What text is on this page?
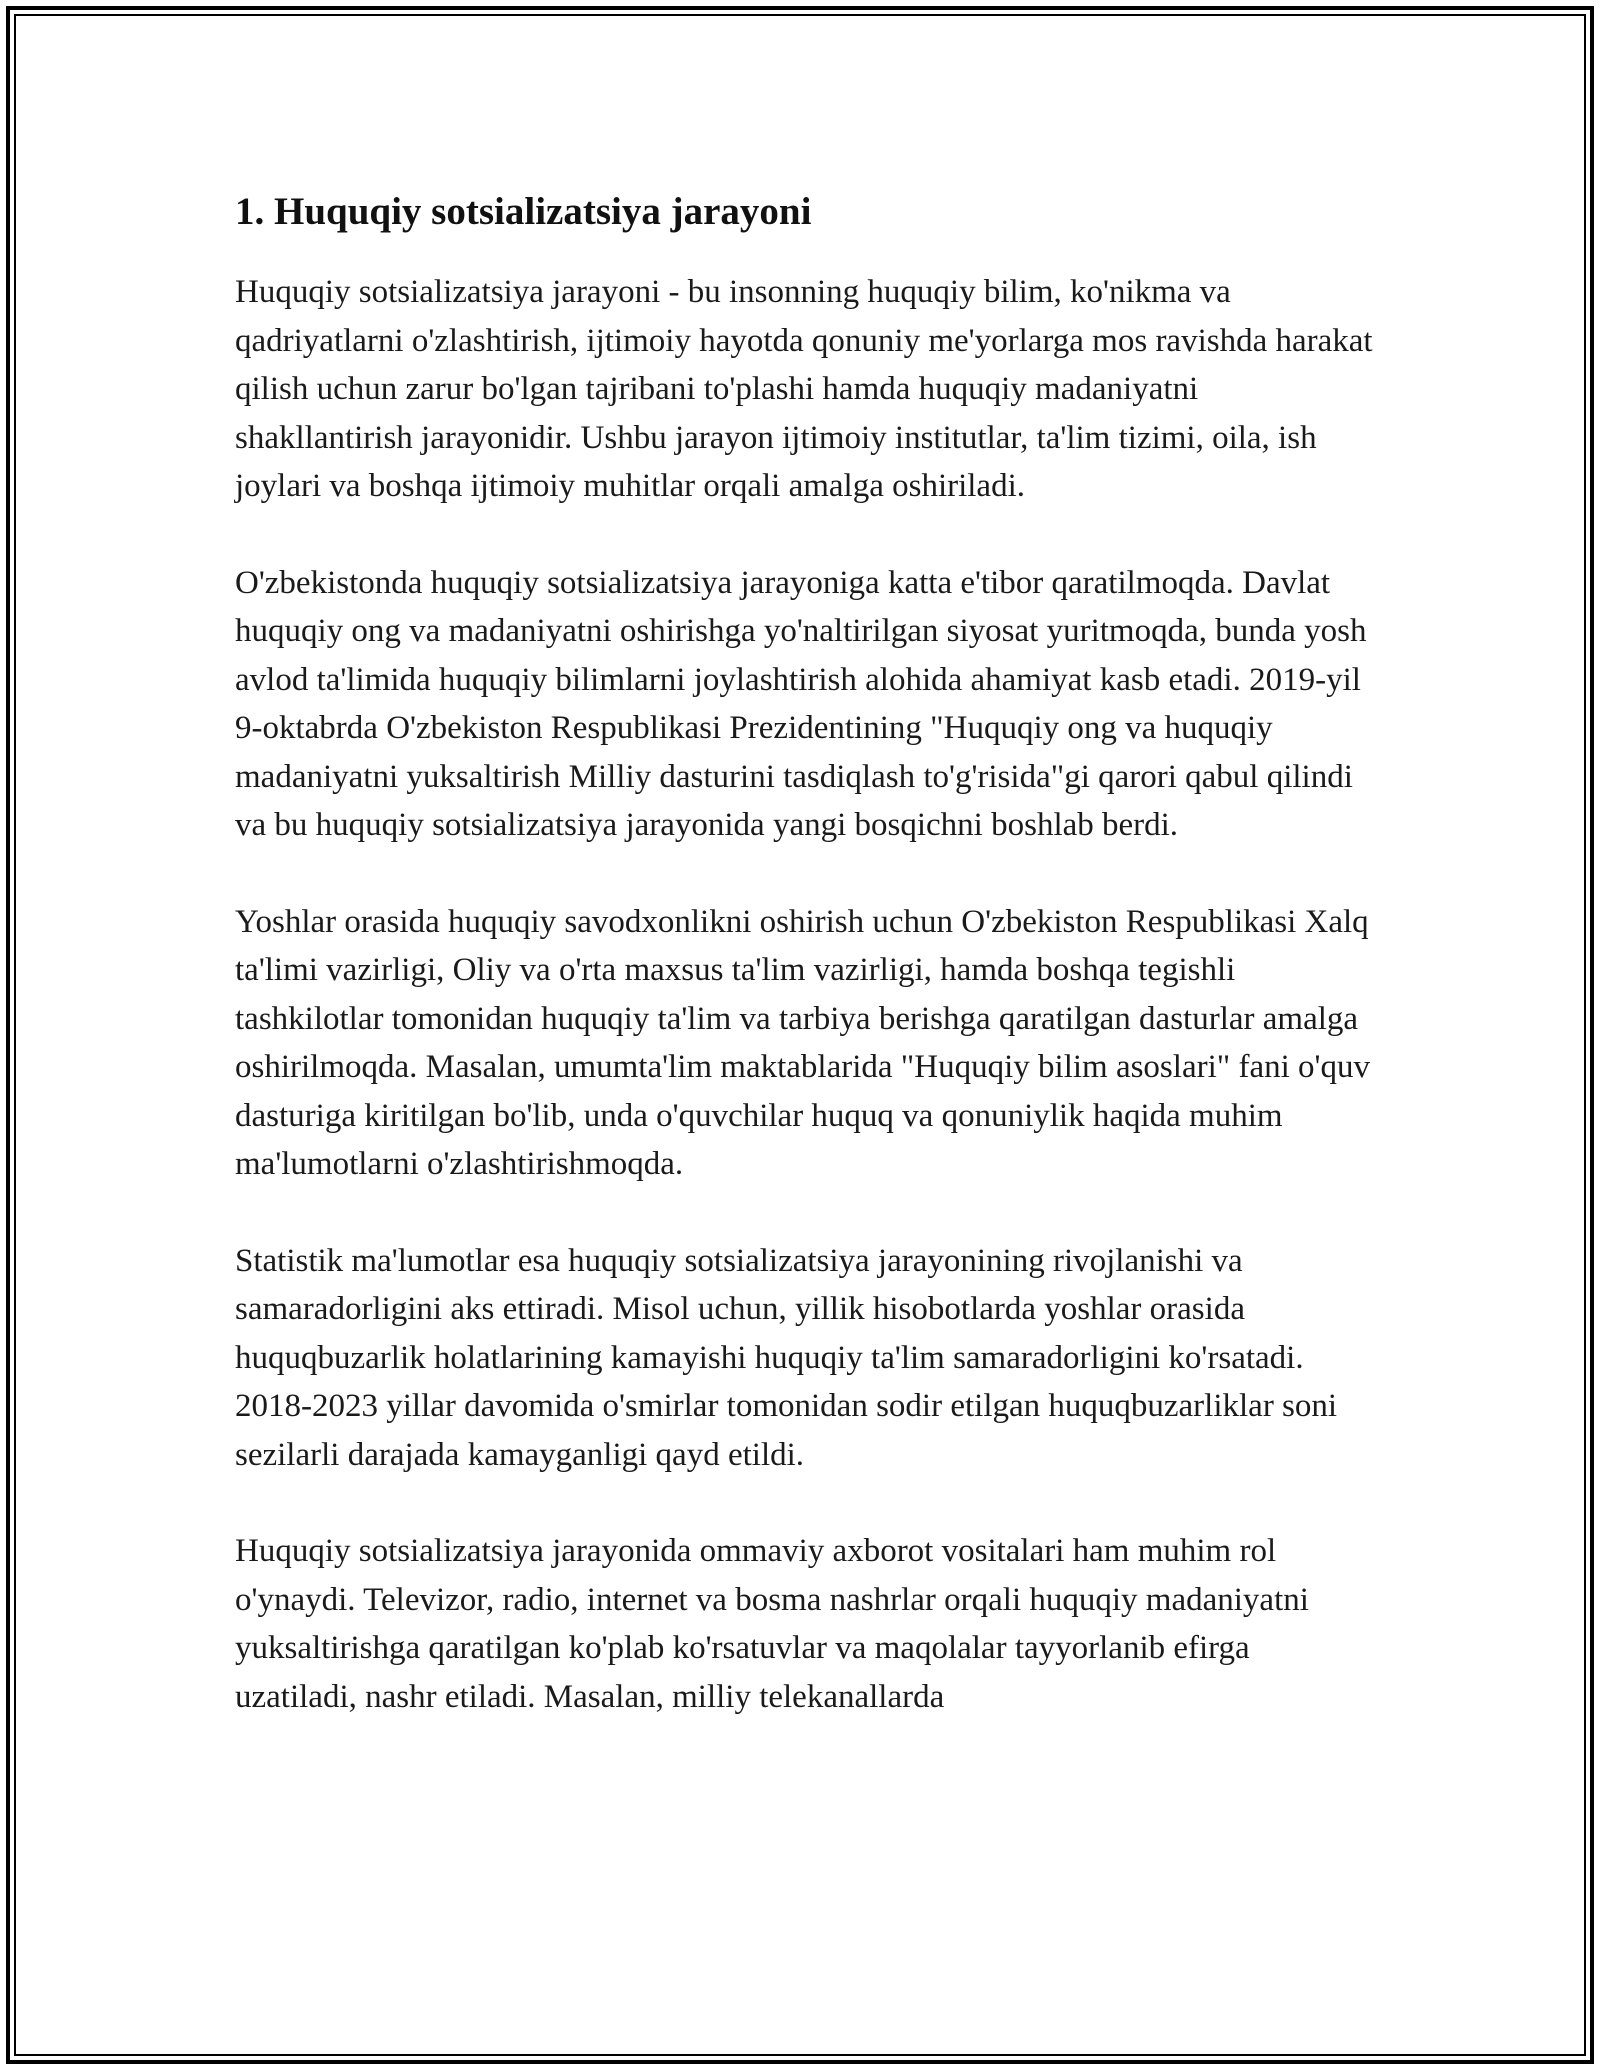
1. Huquqiy sotsializatsiya jarayoni

Huquqiy sotsializatsiya jarayoni - bu insonning huquqiy bilim, ko'nikma va qadriyatlarni o'zlashtirish, ijtimoiy hayotda qonuniy me'yorlarga mos ravishda harakat qilish uchun zarur bo'lgan tajribani to'plashi hamda huquqiy madaniyatni shakllantirish jarayonidir. Ushbu jarayon ijtimoiy institutlar, ta'lim tizimi, oila, ish joylari va boshqa ijtimoiy muhitlar orqali amalga oshiriladi.

O'zbekistonda huquqiy sotsializatsiya jarayoniga katta e'tibor qaratilmoqda. Davlat huquqiy ong va madaniyatni oshirishga yo'naltirilgan siyosat yuritmoqda, bunda yosh avlod ta'limida huquqiy bilimlarni joylashtirish alohida ahamiyat kasb etadi. 2019-yil 9-oktabrda O'zbekiston Respublikasi Prezidentining "Huquqiy ong va huquqiy madaniyatni yuksaltirish Milliy dasturini tasdiqlash to'g'risida"gi qarori qabul qilindi va bu huquqiy sotsializatsiya jarayonida yangi bosqichni boshlab berdi.

Yoshlar orasida huquqiy savodxonlikni oshirish uchun O'zbekiston Respublikasi Xalq ta'limi vazirligi, Oliy va o'rta maxsus ta'lim vazirligi, hamda boshqa tegishli tashkilotlar tomonidan huquqiy ta'lim va tarbiya berishga qaratilgan dasturlar amalga oshirilmoqda. Masalan, umumta'lim maktablarida "Huquqiy bilim asoslari" fani o'quv dasturiga kiritilgan bo'lib, unda o'quvchilar huquq va qonuniylik haqida muhim ma'lumotlarni o'zlashtirishmoqda.

Statistik ma'lumotlar esa huquqiy sotsializatsiya jarayonining rivojlanishi va samaradorligini aks ettiradi. Misol uchun, yillik hisobotlarda yoshlar orasida huquqbuzarlik holatlarining kamayishi huquqiy ta'lim samaradorligini ko'rsatadi. 2018-2023 yillar davomida o'smirlar tomonidan sodir etilgan huquqbuzarliklar soni sezilarli darajada kamayganligi qayd etildi.

Huquqiy sotsializatsiya jarayonida ommaviy axborot vositalari ham muhim rol o'ynaydi. Televizor, radio, internet va bosma nashrlar orqali huquqiy madaniyatni yuksaltirishga qaratilgan ko'plab ko'rsatuvlar va maqolalar tayyorlanib efirga uzatiladi, nashr etiladi. Masalan, milliy telekanallarda
